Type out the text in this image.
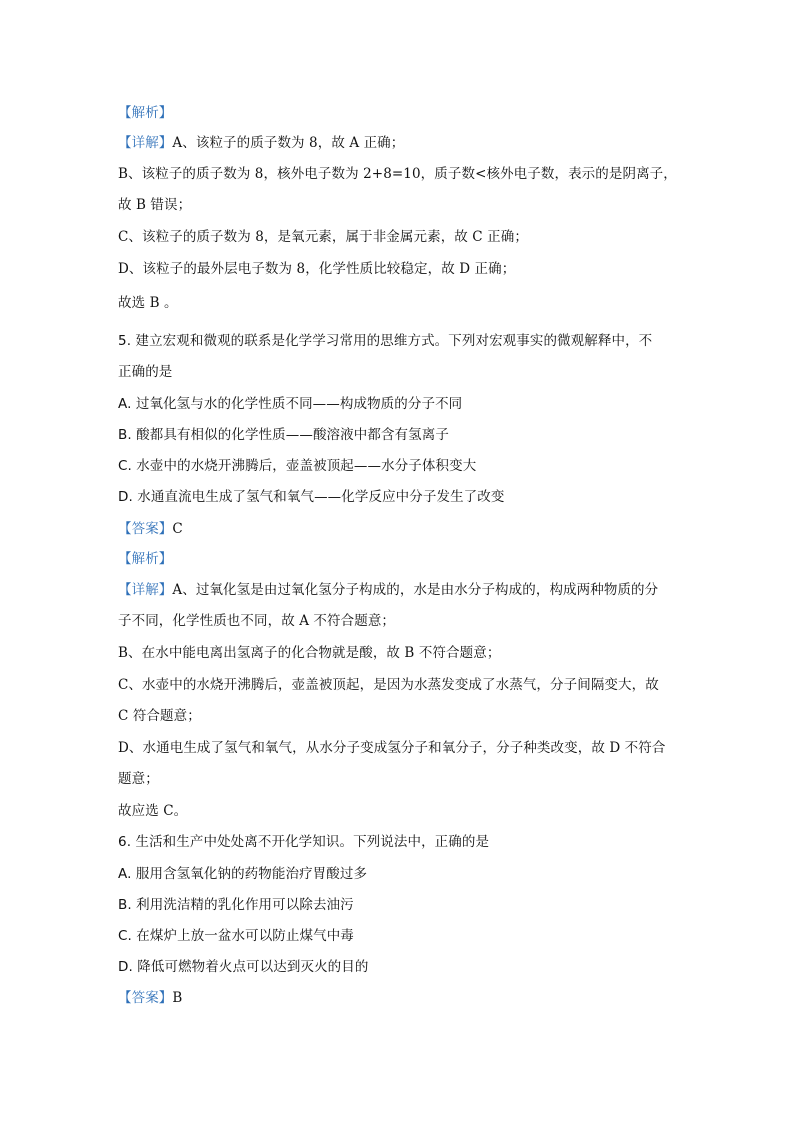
【解析】
【详解】A、该粒子的质子数为 8，故 A 正确；
B、该粒子的质子数为 8，核外电子数为 2+8=10，质子数<核外电子数，表示的是阴离子，
故 B 错误；
C、该粒子的质子数为 8，是氧元素，属于非金属元素，故 C 正确；
D、该粒子的最外层电子数为 8，化学性质比较稳定，故 D 正确；
故选 B 。
5. 建立宏观和微观的联系是化学学习常用的思维方式。下列对宏观事实的微观解释中，不
正确的是
A. 过氧化氢与水的化学性质不同——构成物质的分子不同
B. 酸都具有相似的化学性质——酸溶液中都含有氢离子
C. 水壶中的水烧开沸腾后，壶盖被顶起——水分子体积变大
D. 水通直流电生成了氢气和氧气——化学反应中分子发生了改变
【答案】C
【解析】
【详解】A、过氧化氢是由过氧化氢分子构成的，水是由水分子构成的，构成两种物质的分
子不同，化学性质也不同，故 A 不符合题意；
B、在水中能电离出氢离子的化合物就是酸，故 B 不符合题意；
C、水壶中的水烧开沸腾后，壶盖被顶起，是因为水蒸发变成了水蒸气，分子间隔变大，故
C 符合题意；
D、水通电生成了氢气和氧气，从水分子变成氢分子和氧分子，分子种类改变，故 D 不符合
题意；
故应选 C。
6. 生活和生产中处处离不开化学知识。下列说法中，正确的是
A. 服用含氢氧化钠的药物能治疗胃酸过多
B. 利用洗洁精的乳化作用可以除去油污
C. 在煤炉上放一盆水可以防止煤气中毒
D. 降低可燃物着火点可以达到灭火的目的
【答案】B
